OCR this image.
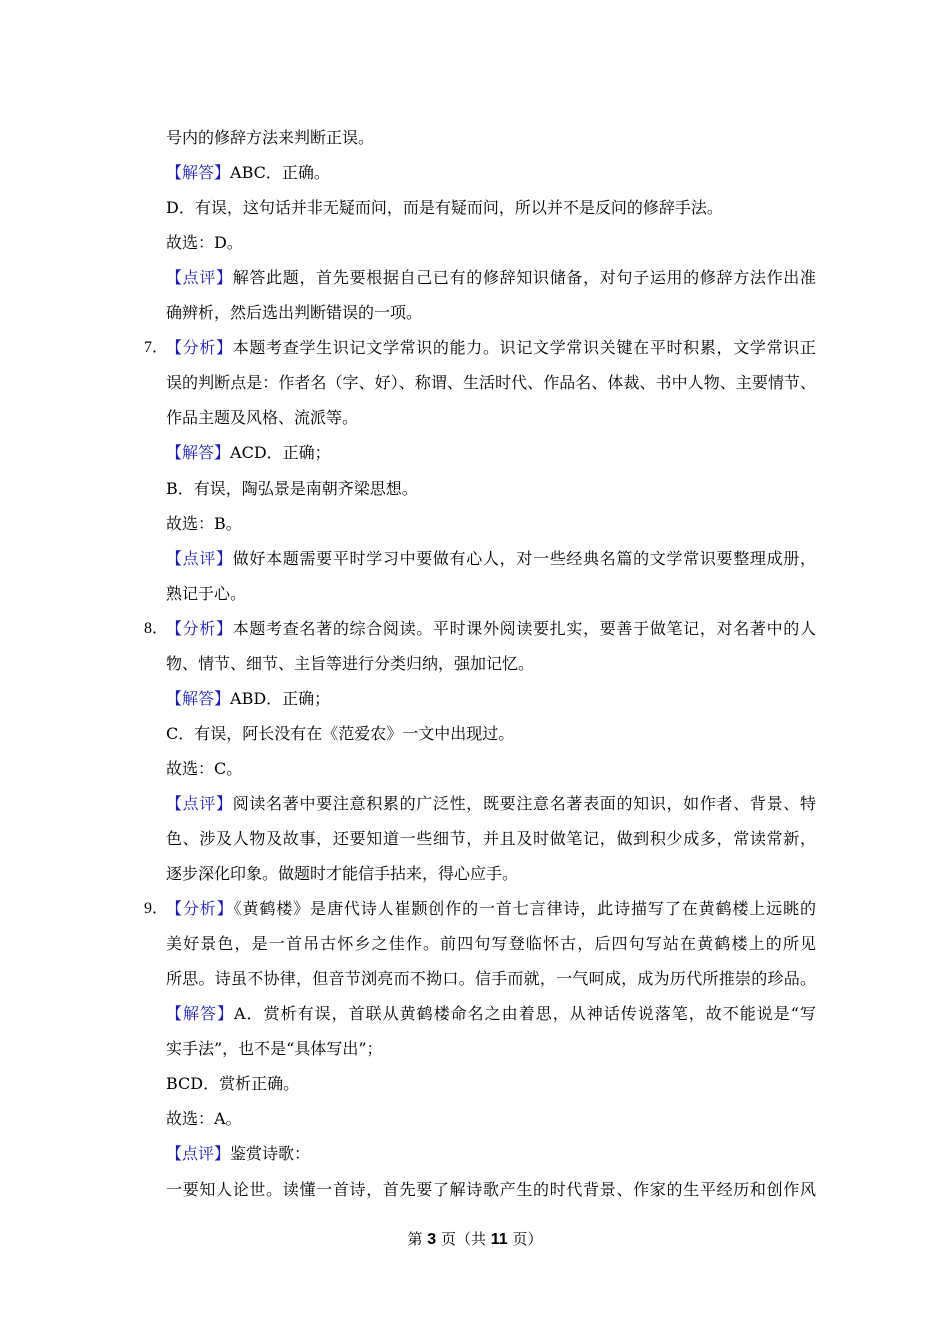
号内的修辞方法来判断正误。
【解答】ABC．正确。
D．有误，这句话并非无疑而问，而是有疑而问，所以并不是反问的修辞手法。
故选：D。
【点评】解答此题，首先要根据自己已有的修辞知识储备，对句子运用的修辞方法作出准
确辨析，然后选出判断错误的一项。
7．
【分析】本题考查学生识记文学常识的能力。识记文学常识关键在平时积累，文学常识正
误的判断点是：作者名（字、好）、称谓、生活时代、作品名、体裁、书中人物、主要情节、
作品主题及风格、流派等。
【解答】ACD．正确；
B．有误，陶弘景是南朝齐梁思想。
故选：B。
【点评】做好本题需要平时学习中要做有心人，对一些经典名篇的文学常识要整理成册，
熟记于心。
8．
【分析】本题考查名著的综合阅读。平时课外阅读要扎实，要善于做笔记，对名著中的人
物、情节、细节、主旨等进行分类归纳，强加记忆。
【解答】ABD．正确；
C．有误，阿长没有在《范爱农》一文中出现过。
故选：C。
【点评】阅读名著中要注意积累的广泛性，既要注意名著表面的知识，如作者、背景、特
色、涉及人物及故事，还要知道一些细节，并且及时做笔记，做到积少成多，常读常新，
逐步深化印象。做题时才能信手拈来，得心应手。
9．
【分析】《黄鹤楼》是唐代诗人崔颢创作的一首七言律诗，此诗描写了在黄鹤楼上远眺的
美好景色，是一首吊古怀乡之佳作。前四句写登临怀古，后四句写站在黄鹤楼上的所见
所思。诗虽不协律，但音节浏亮而不拗口。信手而就，一气呵成，成为历代所推崇的珍品。
【解答】A．赏析有误，首联从黄鹤楼命名之由着思，从神话传说落笔，故不能说是“写
实手法”，也不是“具体写出”；
BCD．赏析正确。
故选：A。
【点评】鉴赏诗歌：
一要知人论世。读懂一首诗，首先要了解诗歌产生的时代背景、作家的生平经历和创作风
第 3 页（共 11 页）
